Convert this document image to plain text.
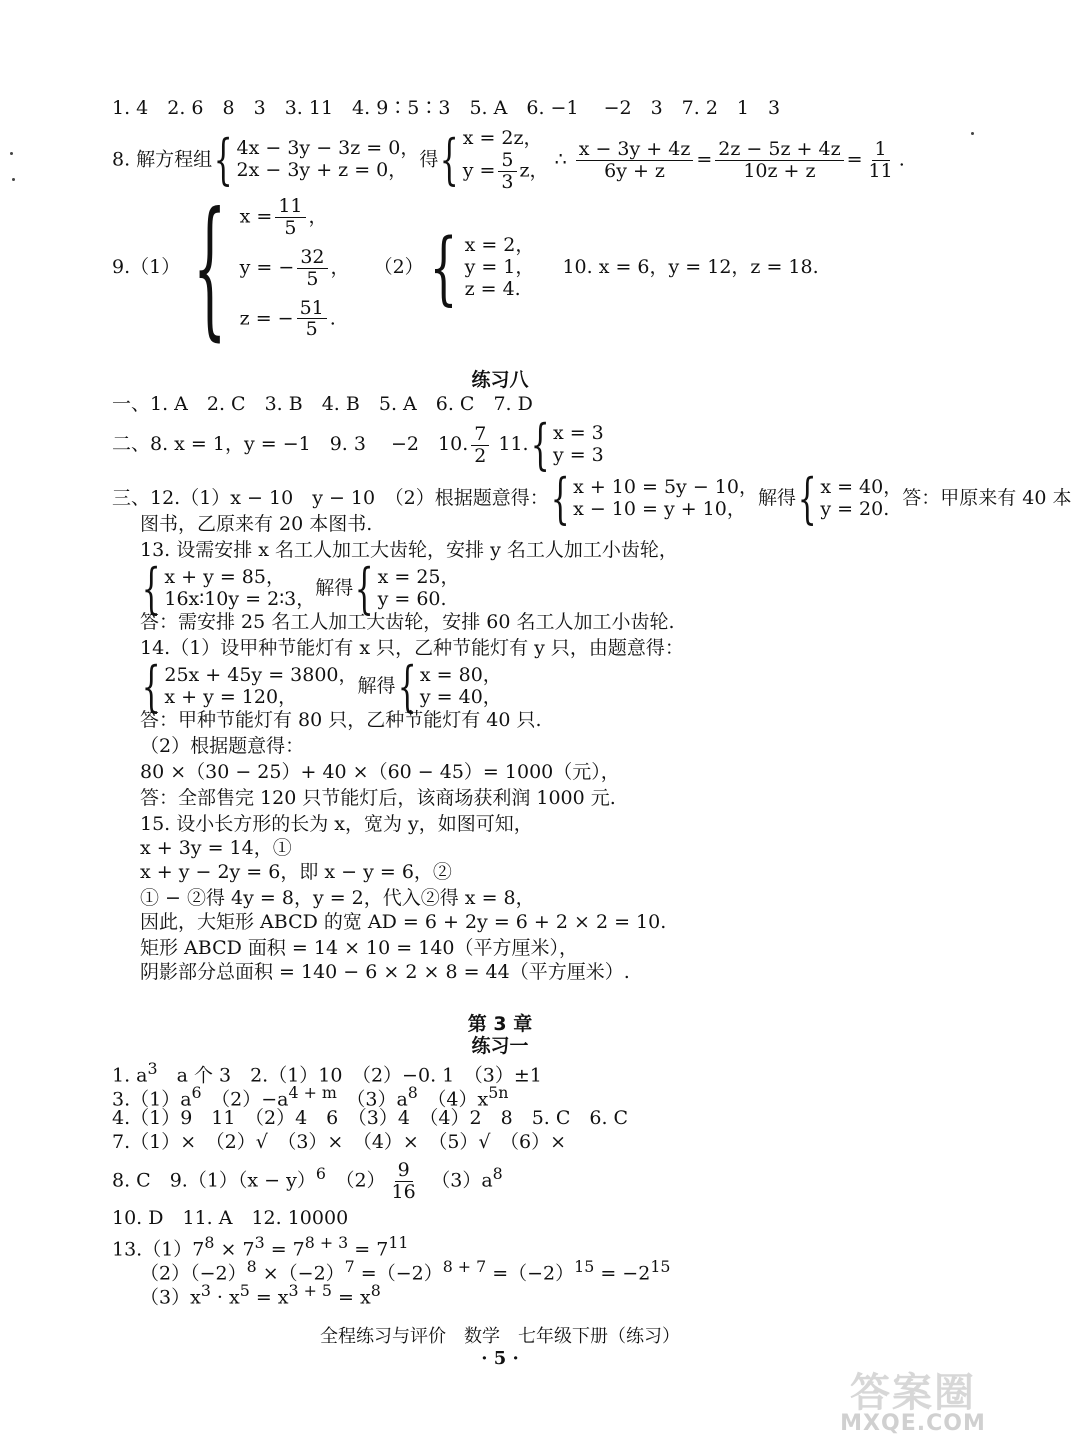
1. 4　2. 6　8　3　3. 11　4. 9∶5∶3　5. A　6. −1　 −2　3　7. 2　1　3
8. 解方程组 { 4x − 3y − 3z = 0，
2x − 3y + z = 0， 得 { x = 2z，
$y = \frac{5}{3}$ z， ∴ $\frac{x - 3y + 4z}{6y + z} = \frac{2z - 5z + 4z}{10z + z} = \frac{1}{11}$ .
9.（1） { $x = \frac{11}{5}$ ，
y = − $\frac{32}{5}$ ，
z = − $\frac{51}{5}$ .
（2） { x = 2，
y = 1，
z = 4.
10. x = 6，y = 12，z = 18.
练习八
一、1. A　2. C　3. B　4. B　5. A　6. C　7. D
二、8. x = 1，y = −1　9. 3　 −2　10. $\frac{7}{2} 11$. { x = 3
y = 3
三、12.（1）x − 10　y − 10　（2）根据题意得： { x + 10 = 5y − 10，
x − 10 = y + 10， 解得 { x = 40，
y = 20. 答：甲原来有 40 本
图书，乙原来有 20 本图书.
13. 设需安排 x 名工人加工大齿轮，安排 y 名工人加工小齿轮，
{ x + y = 85，
16x∶10y = 2∶3， 解得 { x = 25，
y = 60.
答：需安排 25 名工人加工大齿轮，安排 60 名工人加工小齿轮.
14.（1）设甲种节能灯有 x 只，乙种节能灯有 y 只，由题意得：
{ 25x + 45y = 3800，
x + y = 120，	解得 { x = 80，
y = 40，
答：甲种节能灯有 80 只，乙种节能灯有 40 只.
（2）根据题意得：
80 ×（30 − 25）+ 40 ×（60 − 45）= 1000（元），
答：全部售完 120 只节能灯后，该商场获利润 1000 元.
15. 设小长方形的长为 x，宽为 y，如图可知，
x + 3y = 14，①
x + y − 2y = 6，即 x − y = 6，②
① − ②得 4y = 8，y = 2，代入②得 x = 8，
因此，大矩形 ABCD 的宽 AD = 6 + 2y = 6 + 2 × 2 = 10.
矩形 ABCD 面积 = 14 × 10 = 140（平方厘米），
阴影部分总面积 = 140 − 6 × 2 × 8 = 44（平方厘米）.
第 3 章
练习一
1. $a^3$　a 个 3　2.（1）10　（2）−0. 1　（3）±1
$3.(1)a^6$　$(2)-a^{4 + m}$　$(3)a^8$　$(4)x^{5n}$
4.（1）9　11　（2）4　6　（3）4　（4）2　8　5. C　6. C
7.（1）×　（2）√　（3）×　（4）×　（5）√　（6）×
8. C　$9.(1)(x - y)^6$　$(2) \frac{9}{16}$ 　$(3)a^8$
10. D　11. A　12. 10000
$13.(1)7^8 \times 7^3 = 7^{8 + 3} = 7^{11}$
$(2)(-2)^8 \times(-2)^7 =(-2)^{8 + 7} =(-2)^{15} = -2^{15}$
$(3)x^3 \cdot x^5 = x^{3 + 5} = x^8$
全程练习与评价　数学　七年级下册（练习）
· 5 ·
答案圈
MXQE.COM
